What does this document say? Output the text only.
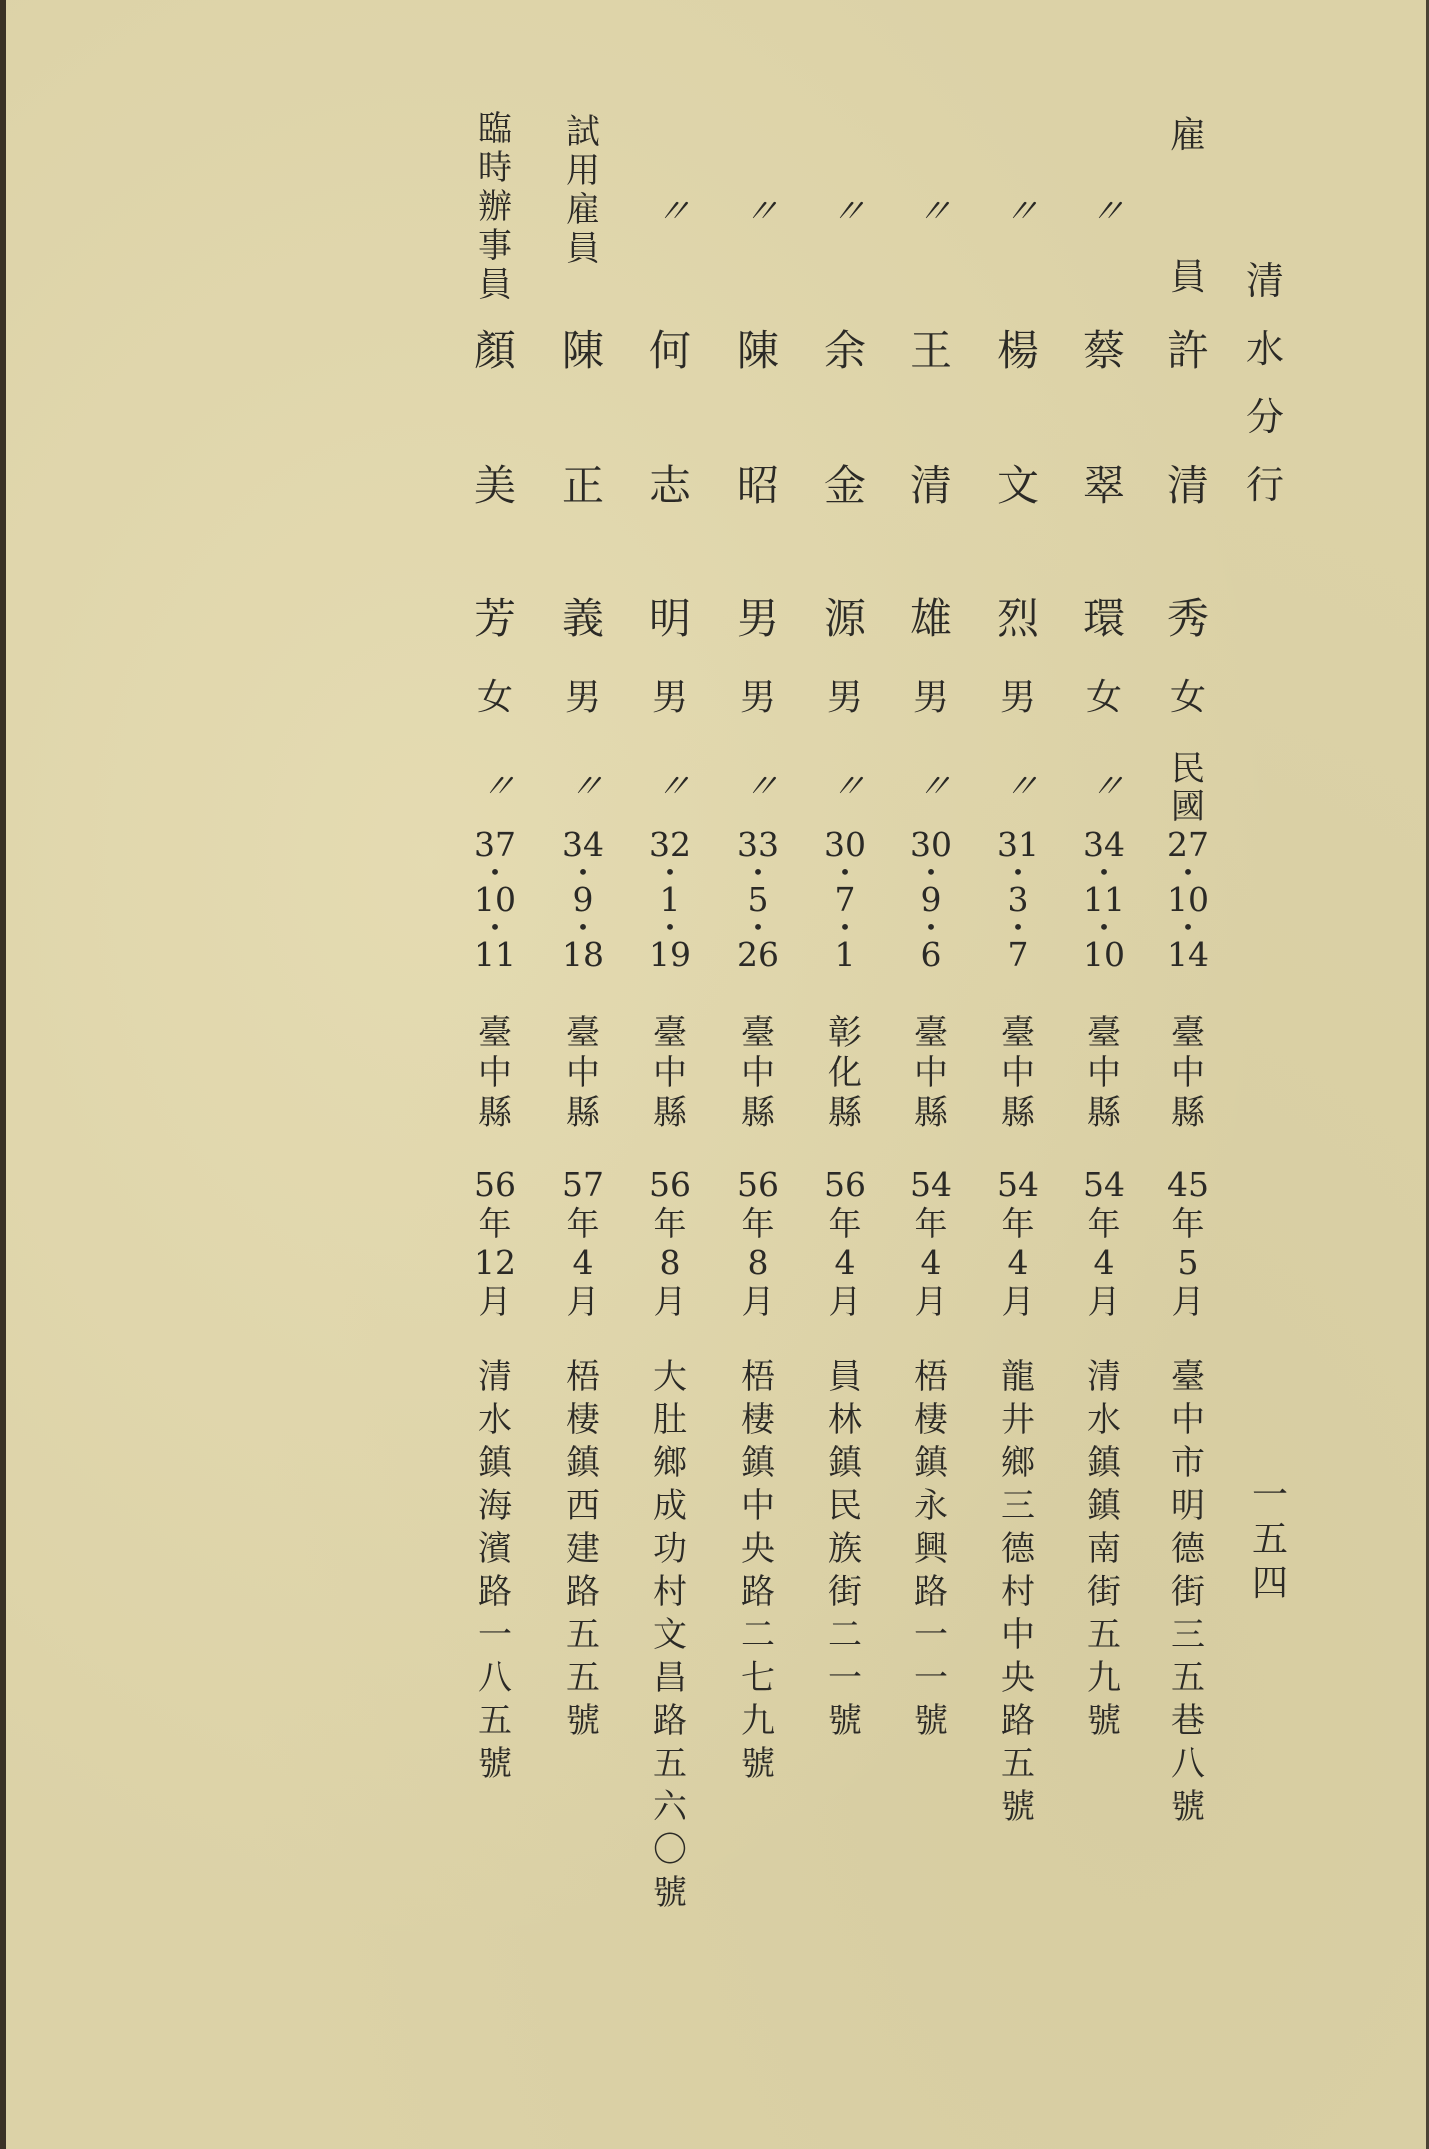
清
水
分
行
一
五
四
雇
員
許
清
秀
女
民
國
27
•
10
•
14
臺
中
縣
45
年
5
月
臺
中
市
明
德
街
三
五
巷
八
號
〃
蔡
翠
環
女
〃
34
•
11
•
10
臺
中
縣
54
年
4
月
清
水
鎮
鎮
南
街
五
九
號
〃
楊
文
烈
男
〃
31
•
3
•
7
臺
中
縣
54
年
4
月
龍
井
鄉
三
德
村
中
央
路
五
號
〃
王
清
雄
男
〃
30
•
9
•
6
臺
中
縣
54
年
4
月
梧
棲
鎮
永
興
路
一
一
號
〃
余
金
源
男
〃
30
•
7
•
1
彰
化
縣
56
年
4
月
員
林
鎮
民
族
街
二
一
號
〃
陳
昭
男
男
〃
33
•
5
•
26
臺
中
縣
56
年
8
月
梧
棲
鎮
中
央
路
二
七
九
號
〃
何
志
明
男
〃
32
•
1
•
19
臺
中
縣
56
年
8
月
大
肚
鄉
成
功
村
文
昌
路
五
六
〇
號
試
用
雇
員
陳
正
義
男
〃
34
•
9
•
18
臺
中
縣
57
年
4
月
梧
棲
鎮
西
建
路
五
五
號
臨
時
辦
事
員
顏
美
芳
女
〃
37
•
10
•
11
臺
中
縣
56
年
12
月
清
水
鎮
海
濱
路
一
八
五
號
